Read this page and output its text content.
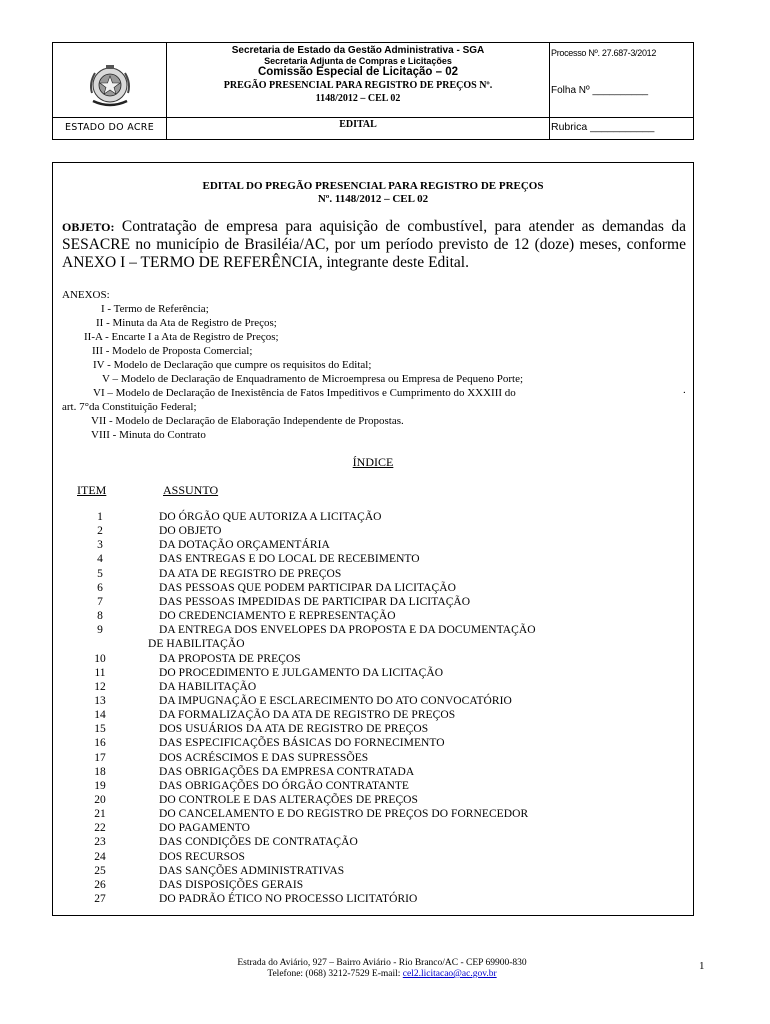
ESTADO DO ACRE
Secretaria de Estado da Gestão Administrativa - SGA
Secretaria Adjunta de Compras e Licitações
Comissão Especial de Licitação – 02
PREGÃO PRESENCIAL PARA REGISTRO DE PREÇOS Nº.
1148/2012 – CEL 02
EDITAL
Processo Nº. 27.687-3/2012
Folha Nº __________
Rubrica ___________
EDITAL DO PREGÃO PRESENCIAL PARA REGISTRO DE PREÇOS
Nº. 1148/2012 – CEL 02
OBJETO: Contratação de empresa para aquisição de combustível, para atender as demandas da SESACRE no município de Brasiléia/AC, por um período previsto de 12 (doze) meses, conforme ANEXO I – TERMO DE REFERÊNCIA, integrante deste Edital.
ANEXOS:
I - Termo de Referência;
II - Minuta da Ata de Registro de Preços;
II-A - Encarte I a Ata de Registro de Preços;
III - Modelo de Proposta Comercial;
IV - Modelo de Declaração que cumpre os requisitos do Edital;
V – Modelo de Declaração de Enquadramento de Microempresa ou Empresa de Pequeno Porte;
VI – Modelo de Declaração de Inexistência de Fatos Impeditivos e Cumprimento do XXXIII do
art. 7°da Constituição Federal;
VII - Modelo de Declaração de Elaboração Independente de Propostas.
VIII - Minuta do Contrato
.
ÍNDICE
ITEM	ASSUNTO
1	DO ÓRGÃO QUE AUTORIZA A LICITAÇÃO
2	DO OBJETO
3	DA DOTAÇÃO ORÇAMENTÁRIA
4	DAS ENTREGAS E DO LOCAL DE RECEBIMENTO
5	DA ATA DE REGISTRO DE PREÇOS
6	DAS PESSOAS QUE PODEM PARTICIPAR DA LICITAÇÃO
7	DAS PESSOAS IMPEDIDAS DE PARTICIPAR DA LICITAÇÃO
8	DO CREDENCIAMENTO E REPRESENTAÇÃO
9	DA ENTREGA DOS ENVELOPES DA PROPOSTA E DA DOCUMENTAÇÃO
DE HABILITAÇÃO
10	DA PROPOSTA DE PREÇOS
11	DO PROCEDIMENTO E JULGAMENTO DA LICITAÇÃO
12	DA HABILITAÇÃO
13	DA IMPUGNAÇÃO E ESCLARECIMENTO DO ATO CONVOCATÓRIO
14	DA FORMALIZAÇÃO DA ATA DE REGISTRO DE PREÇOS
15	DOS USUÁRIOS DA ATA DE REGISTRO DE PREÇOS
16	DAS ESPECIFICAÇÕES BÁSICAS DO FORNECIMENTO
17	DOS ACRÉSCIMOS E DAS SUPRESSÕES
18	DAS OBRIGAÇÕES DA EMPRESA CONTRATADA
19	DAS OBRIGAÇÕES DO ÓRGÃO CONTRATANTE
20	DO CONTROLE E DAS ALTERAÇÕES DE PREÇOS
21	DO CANCELAMENTO E DO REGISTRO DE PREÇOS DO FORNECEDOR
22	DO PAGAMENTO
23	DAS CONDIÇÕES DE CONTRATAÇÃO
24	DOS RECURSOS
25	DAS SANÇÕES ADMINISTRATIVAS
26	DAS DISPOSIÇÕES GERAIS
27	DO PADRÃO ÉTICO NO PROCESSO LICITATÓRIO
Estrada do Aviário, 927 – Bairro Aviário - Rio Branco/AC - CEP 69900-830
Telefone: (068) 3212-7529 E-mail: cel2.licitacao@ac.gov.br
1
